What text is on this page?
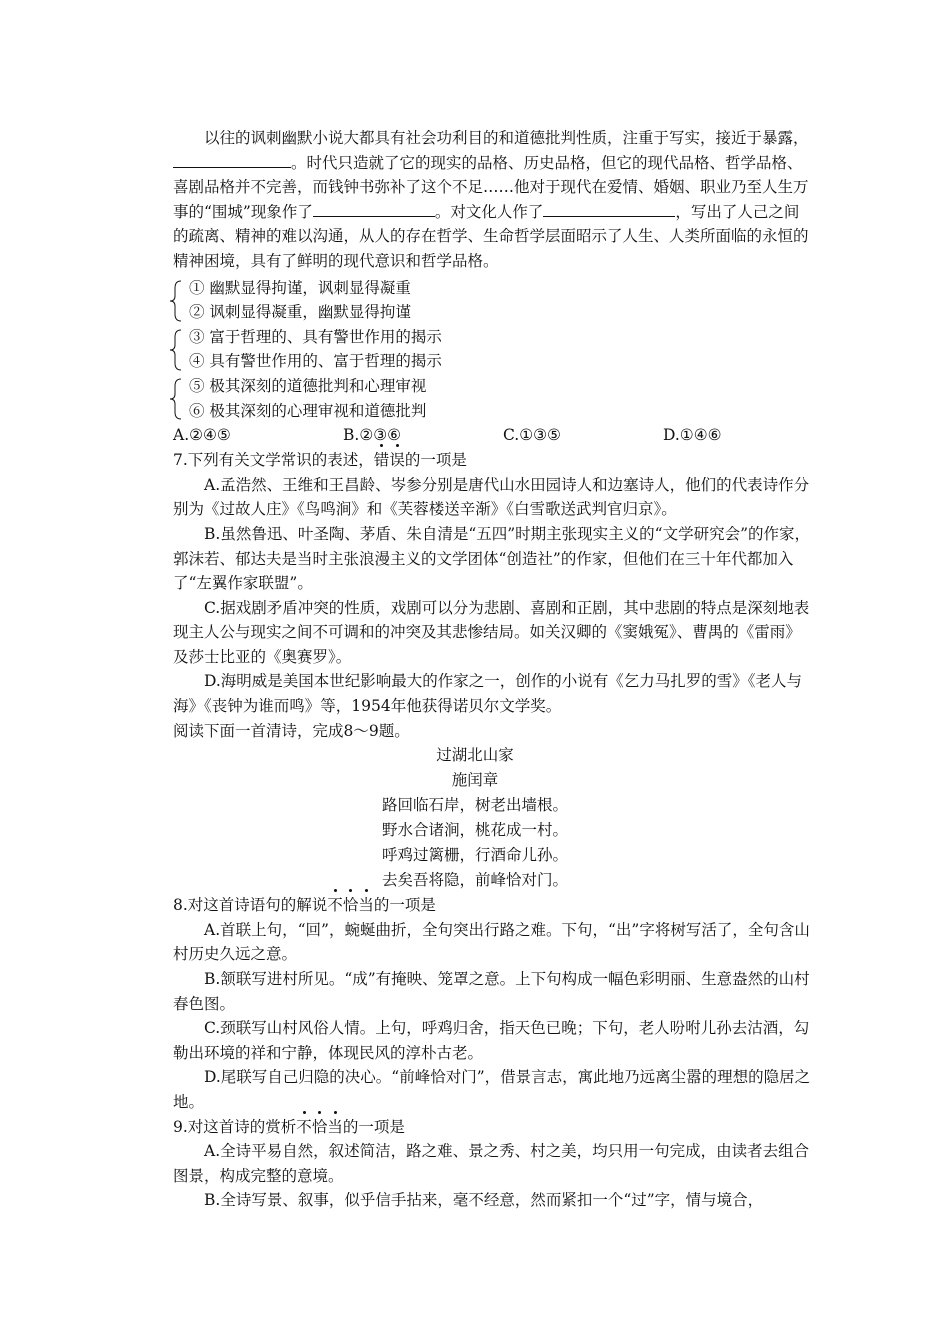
以往的讽刺幽默小说大都具有社会功利目的和道德批判性质，注重于写实，接近于暴露，。时代只造就了它的现实的品格、历史品格，但它的现代品格、哲学品格、喜剧品格并不完善，而钱钟书弥补了这个不足……他对于现代在爱情、婚姻、职业乃至人生万事的“围城”现象作了	。对文化人作了	，写出了人己之间的疏离、精神的难以沟通，从人的存在哲学、生命哲学层面昭示了人生、人类所面临的永恒的精神困境，具有了鲜明的现代意识和哲学品格。

① 幽默显得拘谨，讽刺显得凝重
② 讽刺显得凝重，幽默显得拘谨
③ 富于哲理的、具有警世作用的揭示
④ 具有警世作用的、富于哲理的揭示
⑤ 极其深刻的道德批判和心理审视
⑥ 极其深刻的心理审视和道德批判
A.②④⑤	B.②③⑥	C.①③⑤	D.①④⑥

7.下列有关文学常识的表述，错误的一项是

A.孟浩然、王维和王昌龄、岑参分别是唐代山水田园诗人和边塞诗人，他们的代表诗作分别为《过故人庄》《鸟鸣涧》和《芙蓉楼送辛渐》《白雪歌送武判官归京》。

B.虽然鲁迅、叶圣陶、茅盾、朱自清是“五四”时期主张现实主义的“文学研究会”的作家，郭沫若、郁达夫是当时主张浪漫主义的文学团体“创造社”的作家，但他们在三十年代都加入了“左翼作家联盟”。

C.据戏剧矛盾冲突的性质，戏剧可以分为悲剧、喜剧和正剧，其中悲剧的特点是深刻地表现主人公与现实之间不可调和的冲突及其悲惨结局。如关汉卿的《窦娥冤》、曹禺的《雷雨》及莎士比亚的《奥赛罗》。

D.海明威是美国本世纪影响最大的作家之一，创作的小说有《乞力马扎罗的雪》《老人与海》《丧钟为谁而鸣》等，1954年他获得诺贝尔文学奖。

阅读下面一首清诗，完成8～9题。

过湖北山家
施闰章
路回临石岸，树老出墙根。
野水合诸涧，桃花成一村。
呼鸡过篱栅，行酒命儿孙。
去矣吾将隐，前峰恰对门。

8.对这首诗语句的解说不恰当的一项是

A.首联上句，“回”，蜿蜒曲折，全句突出行路之难。下句，“出”字将树写活了，全句含山村历史久远之意。

B.颔联写进村所见。“成”有掩映、笼罩之意。上下句构成一幅色彩明丽、生意盎然的山村春色图。

C.颈联写山村风俗人情。上句，呼鸡归舍，指天色已晚；下句，老人吩咐儿孙去沽酒，勾勒出环境的祥和宁静，体现民风的淳朴古老。

D.尾联写自己归隐的决心。“前峰恰对门”，借景言志，寓此地乃远离尘嚣的理想的隐居之地。

9.对这首诗的赏析不恰当的一项是

A.全诗平易自然，叙述简洁，路之难、景之秀、村之美，均只用一句完成，由读者去组合图景，构成完整的意境。

B.全诗写景、叙事，似乎信手拈来，毫不经意，然而紧扣一个“过”字，情与境合，
